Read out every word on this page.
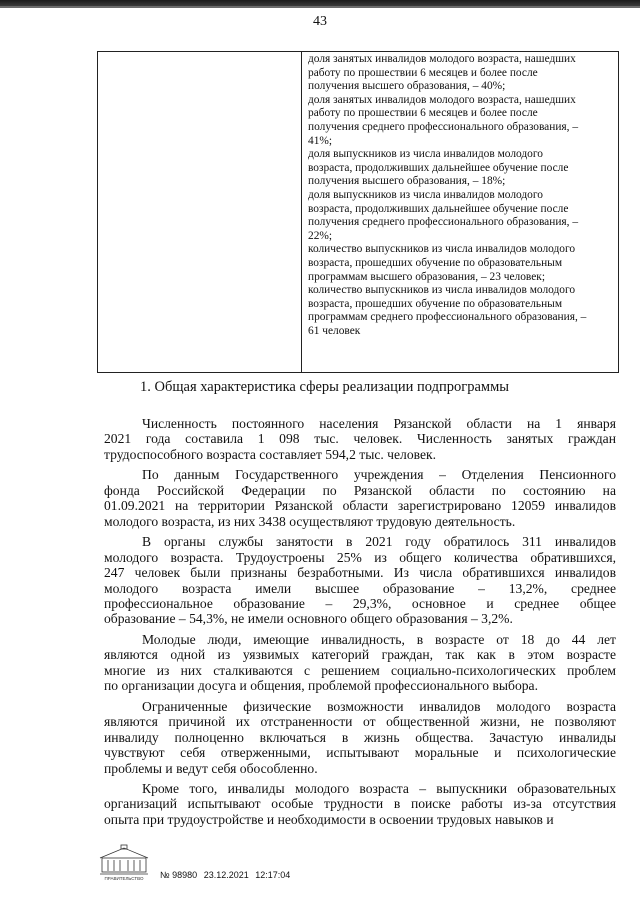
43
доля занятых инвалидов молодого возраста, нашедших
работу по прошествии 6 месяцев и более после
получения высшего образования, – 40%;
доля занятых инвалидов молодого возраста, нашедших
работу по прошествии 6 месяцев и более после
получения среднего профессионального образования, –
41%;
доля выпускников из числа инвалидов молодого
возраста, продолживших дальнейшее обучение после
получения высшего образования, – 18%;
доля выпускников из числа инвалидов молодого
возраста, продолживших дальнейшее обучение после
получения среднего профессионального образования, –
22%;
количество выпускников из числа инвалидов молодого
возраста, прошедших обучение по образовательным
программам высшего образования, – 23 человек;
количество выпускников из числа инвалидов молодого
возраста, прошедших обучение по образовательным
программам среднего профессионального образования, –
61 человек
1. Общая характеристика сферы реализации подпрограммы

Численность постоянного населения Рязанской области на 1 января
2021 года составила 1 098 тыс. человек. Численность занятых граждан
трудоспособного возраста составляет 594,2 тыс. человек.

По данным Государственного учреждения – Отделения Пенсионного
фонда Российской Федерации по Рязанской области по состоянию на
01.09.2021 на территории Рязанской области зарегистрировано 12059 инвалидов
молодого возраста, из них 3438 осуществляют трудовую деятельность.

В органы службы занятости в 2021 году обратилось 311 инвалидов
молодого возраста. Трудоустроены 25% из общего количества обратившихся,
247 человек были признаны безработными. Из числа обратившихся инвалидов
молодого возраста имели высшее образование – 13,2%, среднее
профессиональное образование – 29,3%, основное и среднее общее
образование – 54,3%, не имели основного общего образования – 3,2%.

Молодые люди, имеющие инвалидность, в возрасте от 18 до 44 лет
являются одной из уязвимых категорий граждан, так как в этом возрасте
многие из них сталкиваются с решением социально-психологических проблем
по организации досуга и общения, проблемой профессионального выбора.

Ограниченные физические возможности инвалидов молодого возраста
являются причиной их отстраненности от общественной жизни, не позволяют
инвалиду полноценно включаться в жизнь общества. Зачастую инвалиды
чувствуют себя отверженными, испытывают моральные и психологические
проблемы и ведут себя обособленно.

Кроме того, инвалиды молодого возраста – выпускники образовательных
организаций испытывают особые трудности в поиске работы из-за отсутствия
опыта при трудоустройстве и необходимости в освоении трудовых навыков и

ПРАВИТЕЛЬСТВО № 98980 23.12.2021 12:17:04
